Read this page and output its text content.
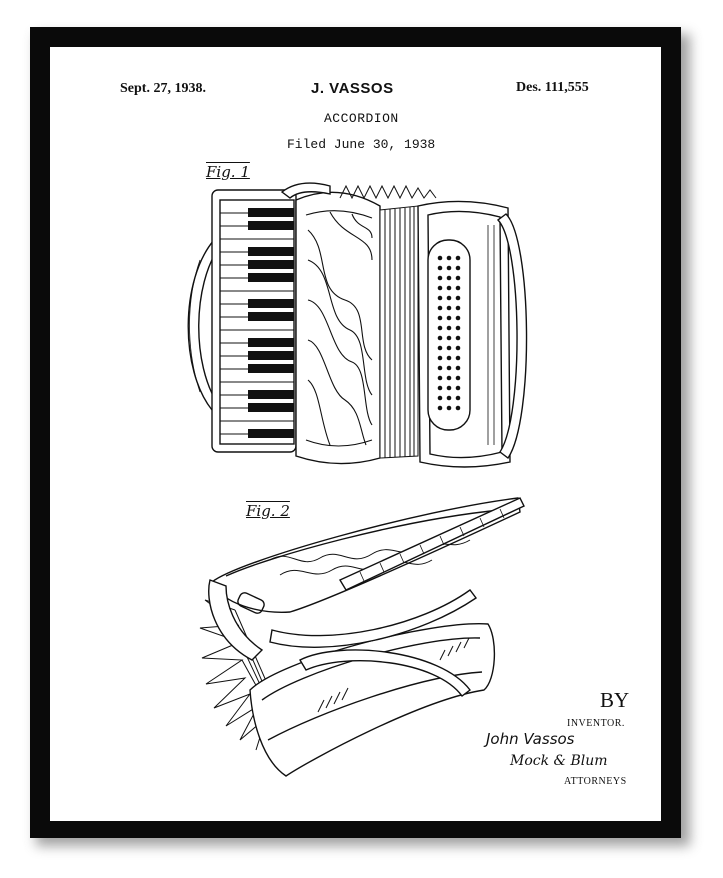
Sept. 27, 1938.	J. VASSOS	Des. 111,555
ACCORDION
Filed June 30, 1938
Fig. 1
Fig. 2
BY
INVENTOR.
John Vassos
Mock & Blum
ATTORNEYS
